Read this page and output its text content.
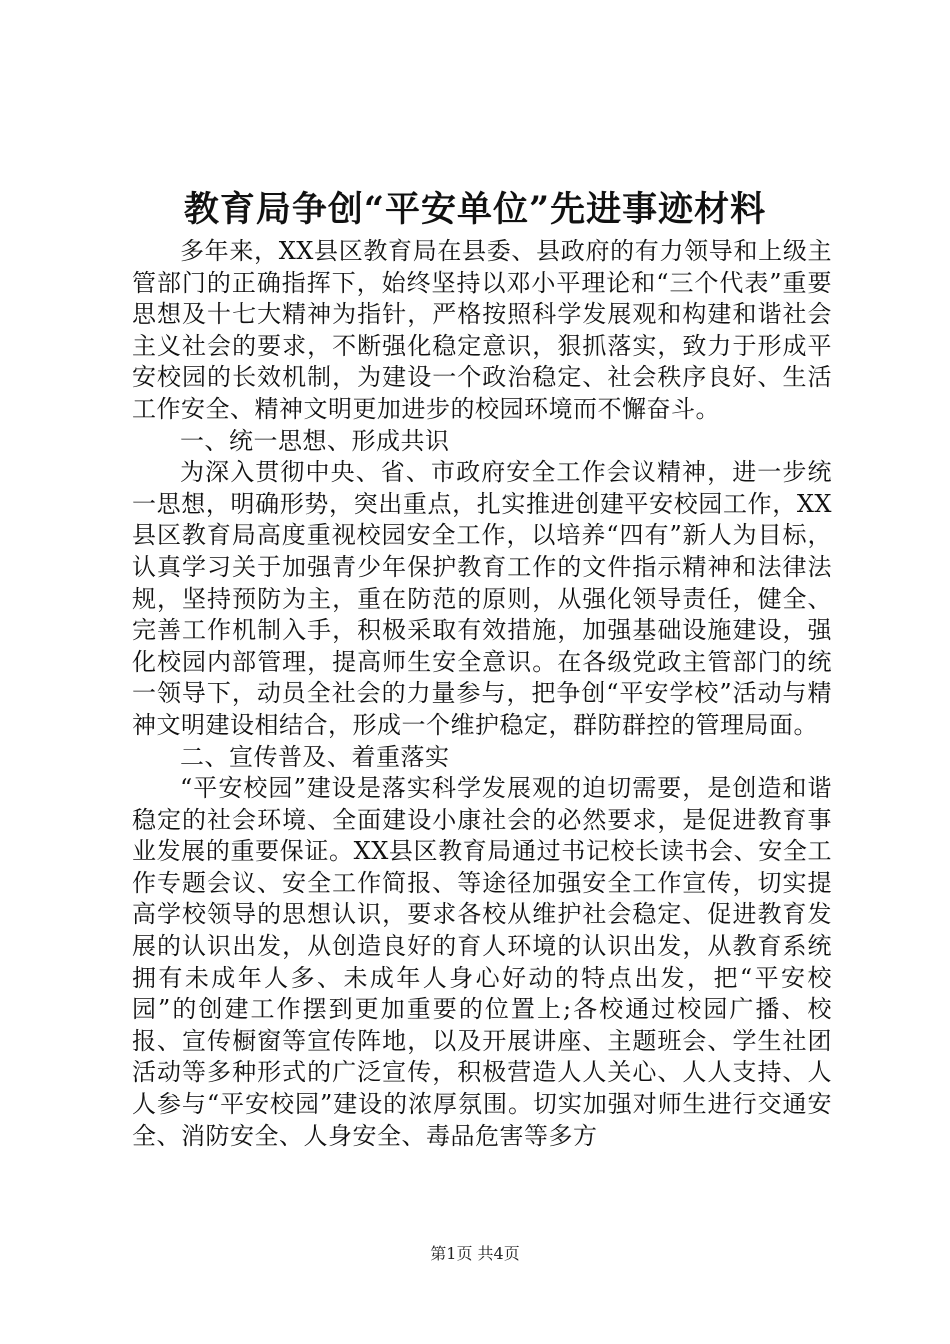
教育局争创“平安单位”先进事迹材料

多年来，XX县区教育局在县委、县政府的有力领导和上级主管部门的正确指挥下，始终坚持以邓小平理论和“三个代表”重要思想及十七大精神为指针，严格按照科学发展观和构建和谐社会主义社会的要求，不断强化稳定意识，狠抓落实，致力于形成平安校园的长效机制，为建设一个政治稳定、社会秩序良好、生活工作安全、精神文明更加进步的校园环境而不懈奋斗。

一、统一思想、形成共识

为深入贯彻中央、省、市政府安全工作会议精神，进一步统一思想，明确形势，突出重点，扎实推进创建平安校园工作，XX县区教育局高度重视校园安全工作，以培养“四有”新人为目标，认真学习关于加强青少年保护教育工作的文件指示精神和法律法规，坚持预防为主，重在防范的原则，从强化领导责任，健全、完善工作机制入手，积极采取有效措施，加强基础设施建设，强化校园内部管理，提高师生安全意识。在各级党政主管部门的统一领导下，动员全社会的力量参与，把争创“平安学校”活动与精神文明建设相结合，形成一个维护稳定，群防群控的管理局面。

二、宣传普及、着重落实

“平安校园”建设是落实科学发展观的迫切需要，是创造和谐稳定的社会环境、全面建设小康社会的必然要求，是促进教育事业发展的重要保证。XX县区教育局通过书记校长读书会、安全工作专题会议、安全工作简报、等途径加强安全工作宣传，切实提高学校领导的思想认识，要求各校从维护社会稳定、促进教育发展的认识出发，从创造良好的育人环境的认识出发，从教育系统拥有未成年人多、未成年人身心好动的特点出发，把“平安校园”的创建工作摆到更加重要的位置上;各校通过校园广播、校报、宣传橱窗等宣传阵地，以及开展讲座、主题班会、学生社团活动等多种形式的广泛宣传，积极营造人人关心、人人支持、人人参与“平安校园”建设的浓厚氛围。切实加强对师生进行交通安全、消防安全、人身安全、毒品危害等多方

第1页 共4页
